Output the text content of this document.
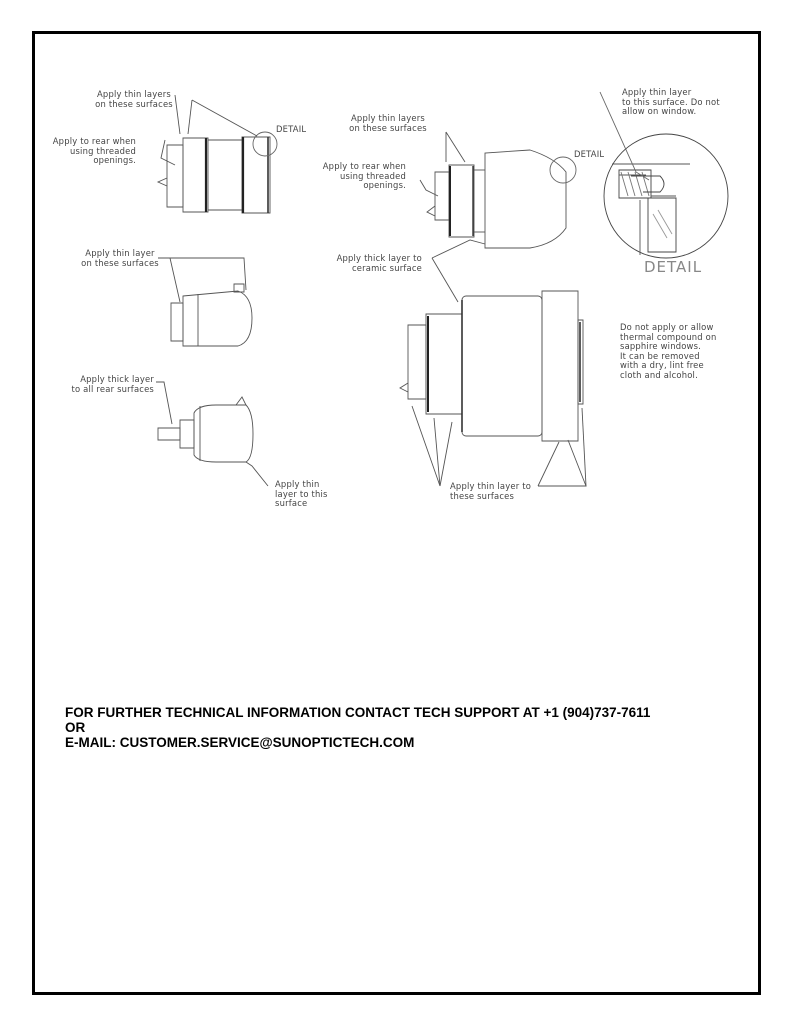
Apply thin layers
on these surfaces
DETAIL
Apply to rear when
using threaded
openings.
Apply thin layer
on these surfaces
Apply thick layer
to all rear surfaces
Apply thin
layer to this
surface
Apply thin layers
on these surfaces
Apply to rear when
using threaded
openings.
DETAIL
Apply thick layer to
ceramic surface
Apply thin layer
to this surface. Do not
allow on window.
DETAIL
Do not apply or allow
thermal compound on
sapphire windows.
It can be removed
with a dry, lint free
cloth and alcohol.
Apply thin layer to
these surfaces
FOR FURTHER TECHNICAL INFORMATION CONTACT TECH SUPPORT AT +1 (904)737-7611
OR
E-MAIL: CUSTOMER.SERVICE@SUNOPTICTECH.COM
